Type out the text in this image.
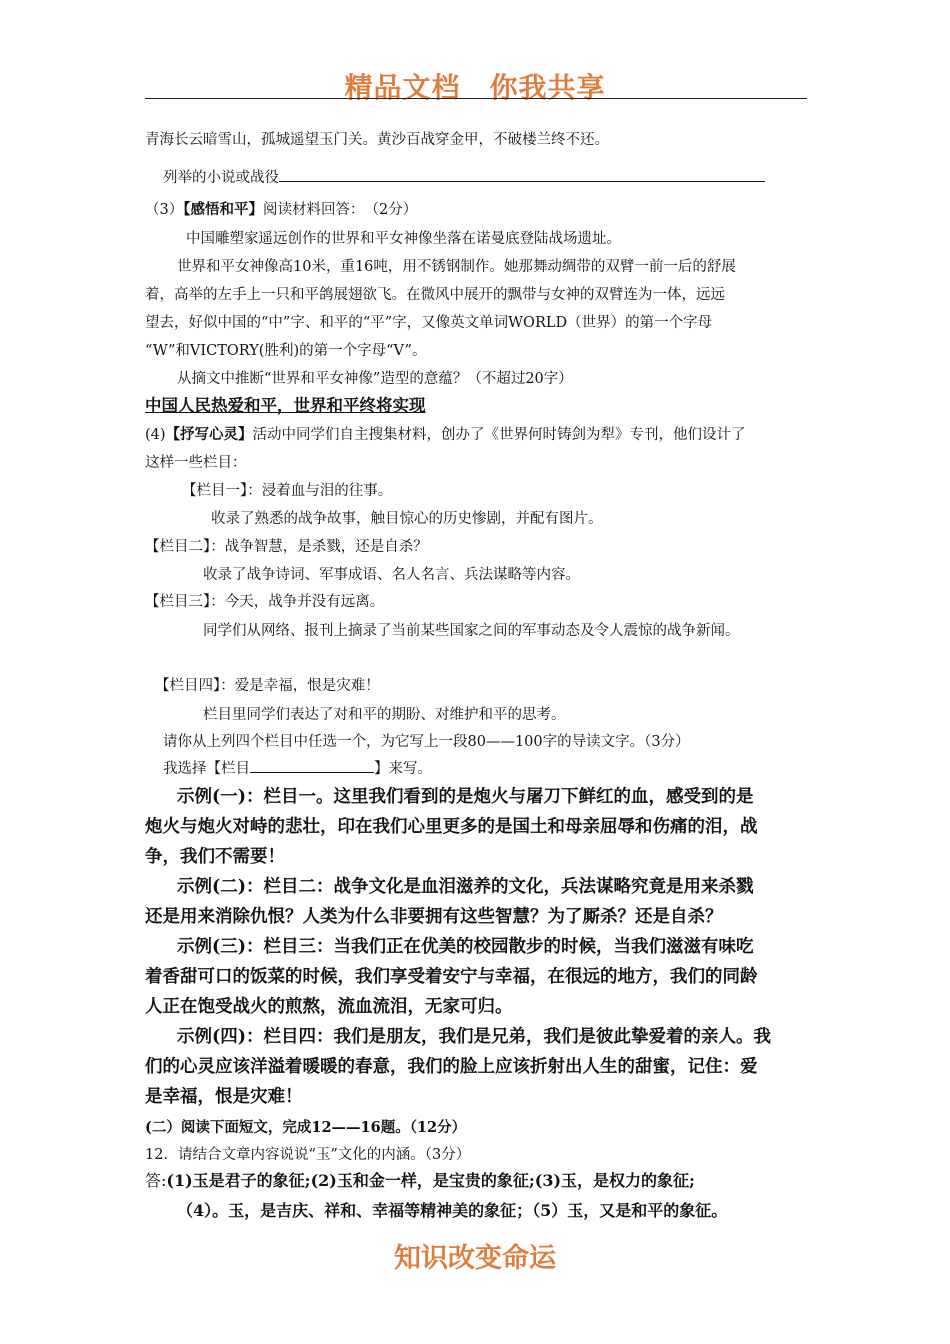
精品文档　你我共享
青海长云暗雪山，孤城遥望玉门关。黄沙百战穿金甲，不破楼兰终不还。
列举的小说或战役
（3）【感悟和平】阅读材料回答：　（2分）
中国雕塑家遥远创作的世界和平女神像坐落在诺曼底登陆战场遗址。
世界和平女神像高10米，重16吨，用不锈钢制作。她那舞动绸带的双臂一前一后的舒展
着，高举的左手上一只和平鸽展翅欲飞。在微风中展开的飘带与女神的双臂连为一体，远远
望去，好似中国的“中”字、和平的“平”字，又像英文单词WORLD（世界）的第一个字母
“W”和VICTORY(胜利)的第一个字母“V”。
从摘文中推断“世界和平女神像”造型的意蕴？（不超过20字）
中国人民热爱和平，世界和平终将实现
(4)【抒写心灵】活动中同学们自主搜集材料，创办了《世界何时铸剑为犁》专刊，他们设计了
这样一些栏目：
【栏目一】：浸着血与泪的往事。
收录了熟悉的战争故事，触目惊心的历史惨剧，并配有图片。
【栏目二】：战争智慧，是杀戮，还是自杀？
收录了战争诗词、军事成语、名人名言、兵法谋略等内容。
【栏目三】：今天，战争并没有远离。
同学们从网络、报刊上摘录了当前某些国家之间的军事动态及令人震惊的战争新闻。
【栏目四】：爱是幸福，恨是灾难！
栏目里同学们表达了对和平的期盼、对维护和平的思考。
请你从上列四个栏目中任选一个，为它写上一段80——100字的导读文字。（3分）
我选择【栏目	】来写。
示例(一)：栏目一。这里我们看到的是炮火与屠刀下鲜红的血，感受到的是
炮火与炮火对峙的悲壮，印在我们心里更多的是国土和母亲屈辱和伤痛的泪，战
争，我们不需要！
示例(二)：栏目二：战争文化是血泪滋养的文化，兵法谋略究竟是用来杀戮
还是用来消除仇恨？人类为什么非要拥有这些智慧？为了厮杀？还是自杀？
示例(三)：栏目三：当我们正在优美的校园散步的时候，当我们滋滋有味吃
着香甜可口的饭菜的时候，我们享受着安宁与幸福，在很远的地方，我们的同龄
人正在饱受战火的煎熬，流血流泪，无家可归。
示例(四)：栏目四：我们是朋友，我们是兄弟，我们是彼此挚爱着的亲人。我
们的心灵应该洋溢着暖暖的春意，我们的脸上应该折射出人生的甜蜜，记住：爱
是幸福，恨是灾难！
(二）阅读下面短文，完成12——16题。（12分）
12．请结合文章内容说说“玉”文化的内涵。（3分）
答:(1)玉是君子的象征;(2)玉和金一样，是宝贵的象征;(3)玉，是权力的象征;
（4）。玉，是吉庆、祥和、幸福等精神美的象征；（5）玉，又是和平的象征。
知识改变命运
